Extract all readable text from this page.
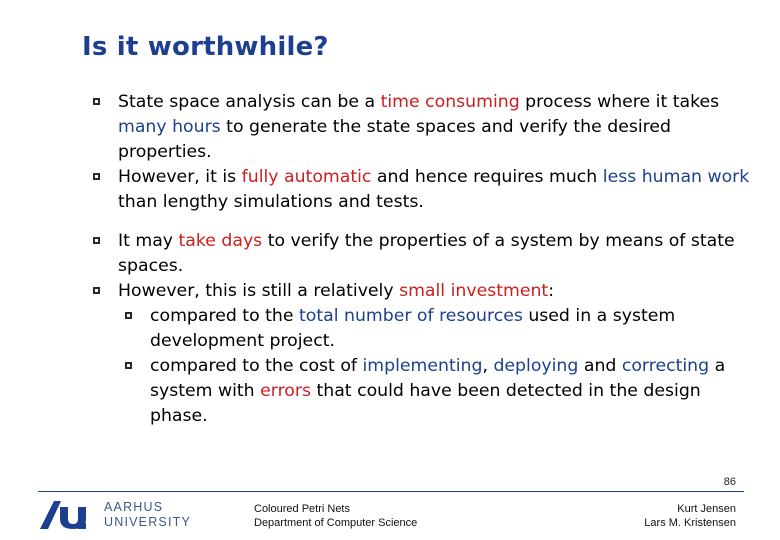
Is it worthwhile?
State space analysis can be a time consuming process where it takes many hours to generate the state spaces and verify the desired properties.
However, it is fully automatic and hence requires much less human work than lengthy simulations and tests.
It may take days to verify the properties of a system by means of state spaces.
However, this is still a relatively small investment:
compared to the total number of resources used in a system development project.
compared to the cost of implementing, deploying and correcting a system with errors that could have been detected in the design phase.
86
AARHUS
UNIVERSITY
Coloured Petri Nets
Department of Computer Science
Kurt Jensen
Lars M. Kristensen
